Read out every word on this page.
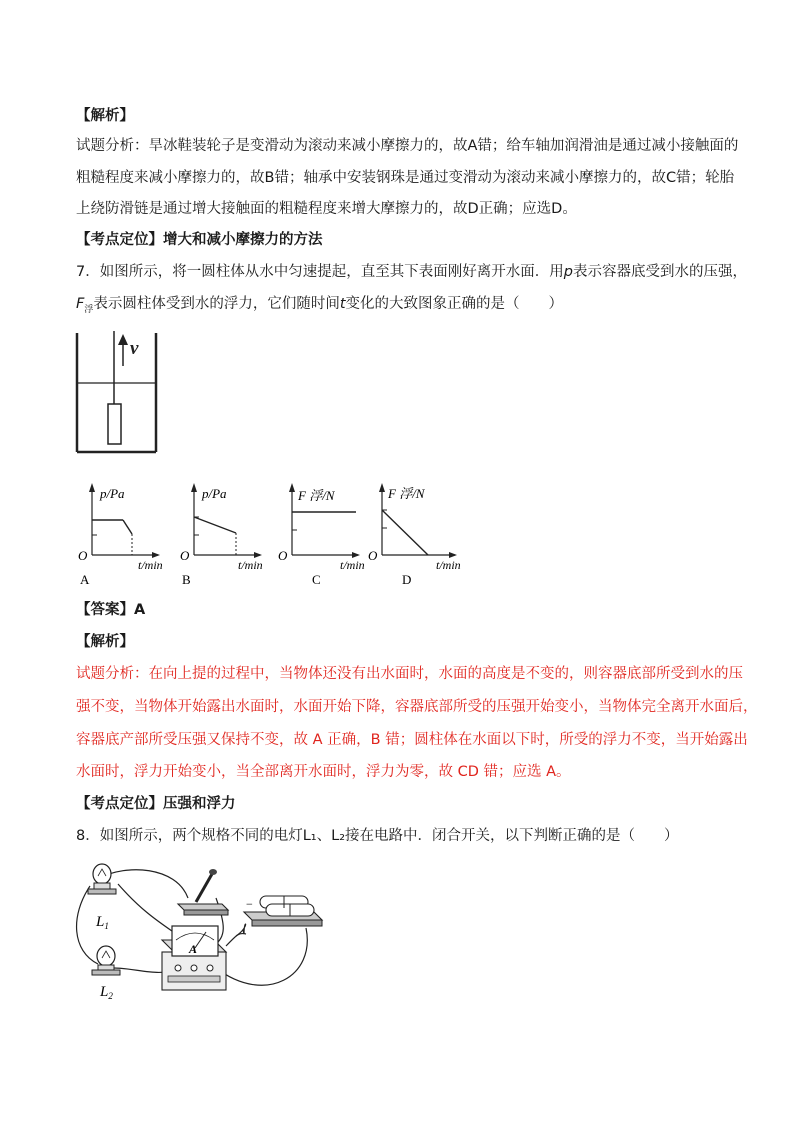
【解析】
试题分析：旱冰鞋装轮子是变滑动为滚动来减小摩擦力的，故A错；给车轴加润滑油是通过减小接触面的
粗糙程度来减小摩擦力的，故B错；轴承中安装钢珠是通过变滑动为滚动来减小摩擦力的，故C错；轮胎
上绕防滑链是通过增大接触面的粗糙程度来增大摩擦力的，故D正确；应选D。
【考点定位】增大和减小摩擦力的方法
7．如图所示，将一圆柱体从水中匀速提起，直至其下表面刚好离开水面．用p表示容器底受到水的压强，
$F_浮$表示圆柱体受到水的浮力，它们随时间t变化的大致图象正确的是（　　）
v
p/Pa
O
t/min
A
p/Pa
O
t/min
B
F 浮/N
O
t/min
C
F 浮/N
O
t/min
D
【答案】A
【解析】
试题分析：在向上提的过程中，当物体还没有出水面时，水面的高度是不变的，则容器底部所受到水的压
强不变，当物体开始露出水面时，水面开始下降，容器底部所受的压强开始变小，当物体完全离开水面后，
容器底产部所受压强又保持不变，故 A 正确，B 错；圆柱体在水面以下时，所受的浮力不变，当开始露出
水面时，浮力开始变小，当全部离开水面时，浮力为零，故 CD 错；应选 A。
【考点定位】压强和浮力
8．如图所示，两个规格不同的电灯L₁、L₂接在电路中．闭合开关，以下判断正确的是（　　）
$L_1$
$L_2$
A
−
